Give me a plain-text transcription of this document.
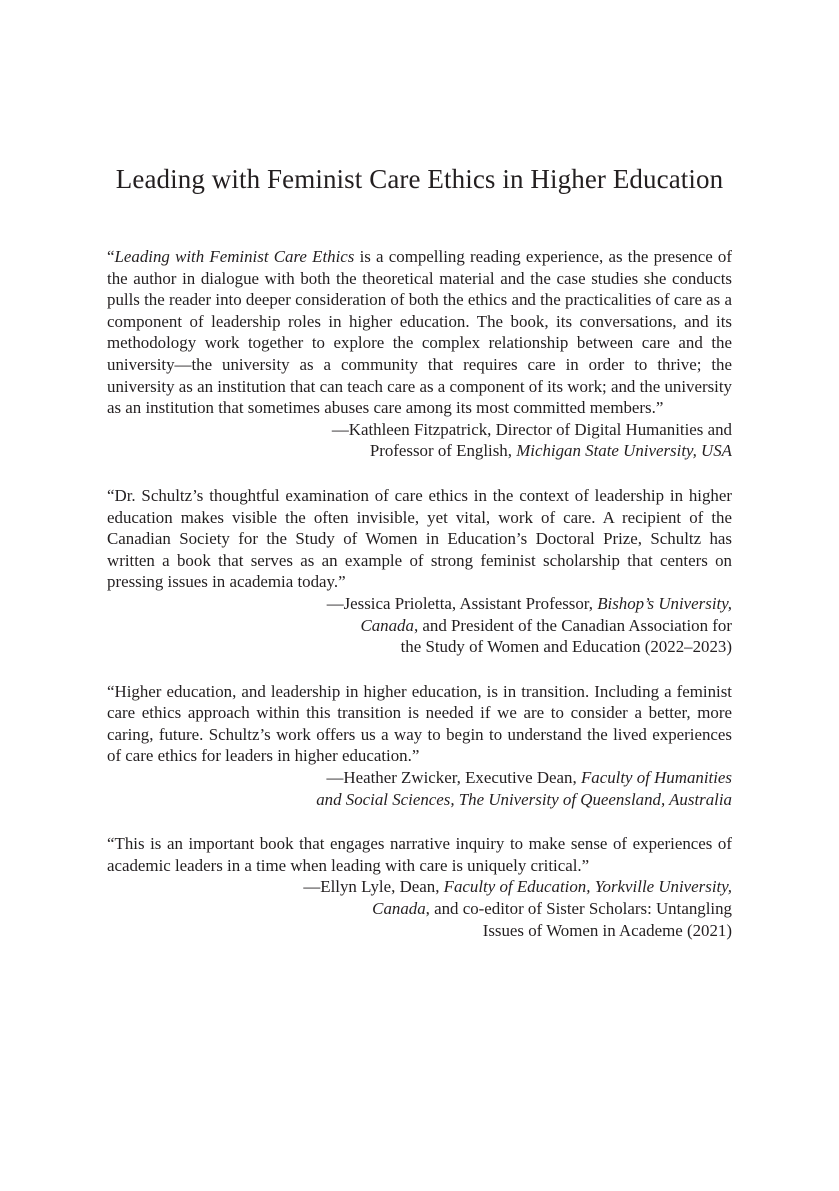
Leading with Feminist Care Ethics in Higher Education

“Leading with Feminist Care Ethics is a compelling reading experience, as the presence of the author in dialogue with both the theoretical material and the case studies she conducts pulls the reader into deeper consideration of both the ethics and the practicalities of care as a component of leadership roles in higher education. The book, its conversations, and its methodology work together to explore the complex relationship between care and the university—the university as a community that requires care in order to thrive; the university as an institution that can teach care as a component of its work; and the university as an institution that sometimes abuses care among its most committed members.”

—Kathleen Fitzpatrick, Director of Digital Humanities and
Professor of English, Michigan State University, USA

“Dr. Schultz’s thoughtful examination of care ethics in the context of leadership in higher education makes visible the often invisible, yet vital, work of care. A recipient of the Canadian Society for the Study of Women in Education’s Doctoral Prize, Schultz has written a book that serves as an example of strong feminist scholarship that centers on pressing issues in academia today.”

—Jessica Prioletta, Assistant Professor, Bishop’s University,
Canada, and President of the Canadian Association for
the Study of Women and Education (2022–2023)

“Higher education, and leadership in higher education, is in transition. Including a feminist care ethics approach within this transition is needed if we are to consider a better, more caring, future. Schultz’s work offers us a way to begin to understand the lived experiences of care ethics for leaders in higher education.”

—Heather Zwicker, Executive Dean, Faculty of Humanities
and Social Sciences, The University of Queensland, Australia

“This is an important book that engages narrative inquiry to make sense of experiences of academic leaders in a time when leading with care is uniquely critical.”

—Ellyn Lyle, Dean, Faculty of Education, Yorkville University,
Canada, and co-editor of Sister Scholars: Untangling
Issues of Women in Academe (2021)
